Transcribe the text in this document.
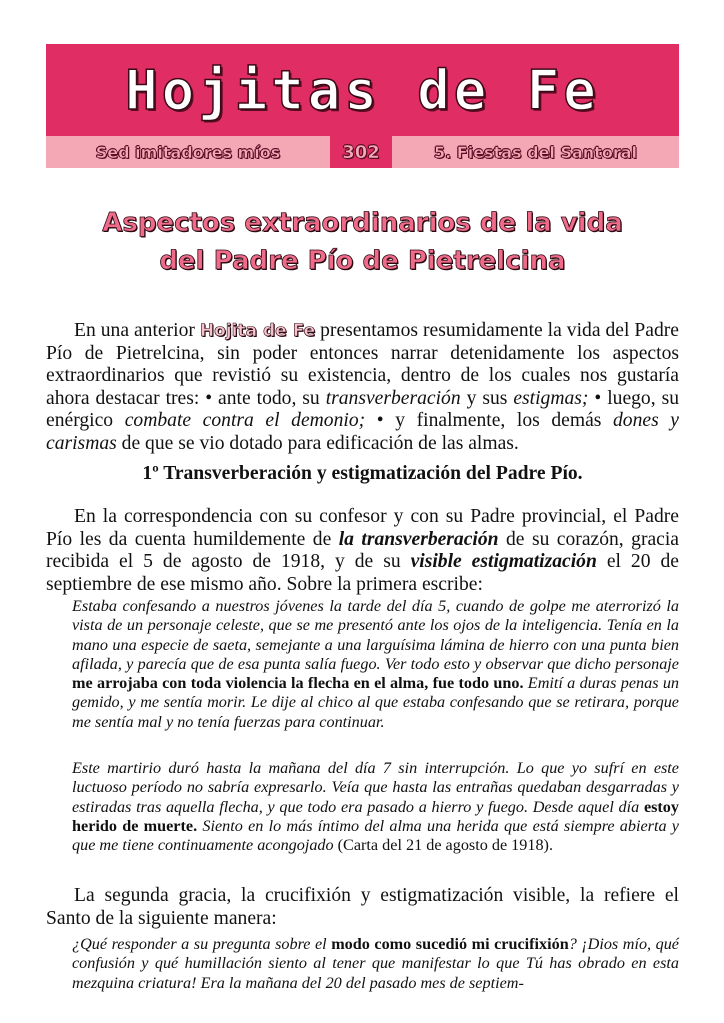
Hojitas de Fe
Sed imitadores míos	302	5. Fiestas del Santoral
Aspectos extraordinarios de la vida
del Padre Pío de Pietrelcina

En una anterior Hojita de Fe presentamos resumidamente la vida del Padre Pío de Pietrelcina, sin poder entonces narrar detenidamente los aspectos extraordinarios que revistió su existencia, dentro de los cuales nos gustaría ahora destacar tres: • ante todo, su transverberación y sus estigmas; • luego, su enérgico combate contra el demonio; • y finalmente, los demás dones y carismas de que se vio dotado para edificación de las almas.

1º Transverberación y estigmatización del Padre Pío.

En la correspondencia con su confesor y con su Padre provincial, el Padre Pío les da cuenta humildemente de la transverberación de su corazón, gracia recibida el 5 de agosto de 1918, y de su visible estigmatización el 20 de septiembre de ese mismo año. Sobre la primera escribe:

Estaba confesando a nuestros jóvenes la tarde del día 5, cuando de golpe me aterrorizó la vista de un personaje celeste, que se me presentó ante los ojos de la inteligencia. Tenía en la mano una especie de saeta, semejante a una larguísima lámina de hierro con una punta bien afilada, y parecía que de esa punta salía fuego. Ver todo esto y observar que dicho personaje me arrojaba con toda violencia la flecha en el alma, fue todo uno. Emití a duras penas un gemido, y me sentía morir. Le dije al chico al que estaba confesando que se retirara, porque me sentía mal y no tenía fuerzas para continuar.

Este martirio duró hasta la mañana del día 7 sin interrupción. Lo que yo sufrí en este luctuoso período no sabría expresarlo. Veía que hasta las entrañas quedaban desgarradas y estiradas tras aquella flecha, y que todo era pasado a hierro y fuego. Desde aquel día estoy herido de muerte. Siento en lo más íntimo del alma una herida que está siempre abierta y que me tiene continuamente acongojado (Carta del 21 de agosto de 1918).

La segunda gracia, la crucifixión y estigmatización visible, la refiere el Santo de la siguiente manera:

¿Qué responder a su pregunta sobre el modo como sucedió mi crucifixión? ¡Dios mío, qué confusión y qué humillación siento al tener que manifestar lo que Tú has obrado en esta mezquina criatura! Era la mañana del 20 del pasado mes de septiem-
